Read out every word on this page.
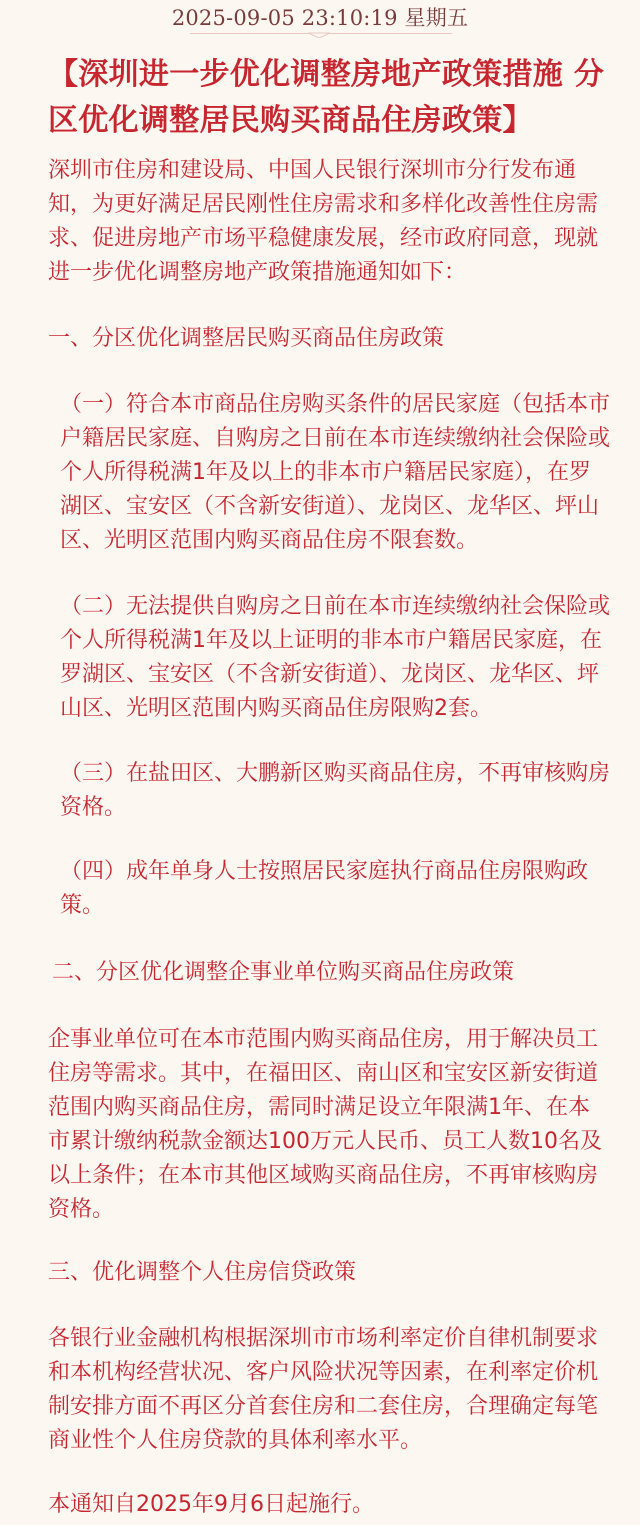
2025-09-05 23:10:19 星期五
【深圳进一步优化调整房地产政策措施 分区优化调整居民购买商品住房政策】

深圳市住房和建设局、中国人民银行深圳市分行发布通知，为更好满足居民刚性住房需求和多样化改善性住房需求、促进房地产市场平稳健康发展，经市政府同意，现就进一步优化调整房地产政策措施通知如下：

一、分区优化调整居民购买商品住房政策

（一）符合本市商品住房购买条件的居民家庭（包括本市户籍居民家庭、自购房之日前在本市连续缴纳社会保险或个人所得税满1年及以上的非本市户籍居民家庭），在罗湖区、宝安区（不含新安街道）、龙岗区、龙华区、坪山区、光明区范围内购买商品住房不限套数。

（二）无法提供自购房之日前在本市连续缴纳社会保险或个人所得税满1年及以上证明的非本市户籍居民家庭，在罗湖区、宝安区（不含新安街道）、龙岗区、龙华区、坪山区、光明区范围内购买商品住房限购2套。

（三）在盐田区、大鹏新区购买商品住房，不再审核购房资格。

（四）成年单身人士按照居民家庭执行商品住房限购政策。

二、分区优化调整企事业单位购买商品住房政策

企事业单位可在本市范围内购买商品住房，用于解决员工住房等需求。其中，在福田区、南山区和宝安区新安街道范围内购买商品住房，需同时满足设立年限满1年、在本市累计缴纳税款金额达100万元人民币、员工人数10名及以上条件；在本市其他区域购买商品住房，不再审核购房资格。

三、优化调整个人住房信贷政策

各银行业金融机构根据深圳市市场利率定价自律机制要求和本机构经营状况、客户风险状况等因素，在利率定价机制安排方面不再区分首套住房和二套住房，合理确定每笔商业性个人住房贷款的具体利率水平。

本通知自2025年9月6日起施行。
